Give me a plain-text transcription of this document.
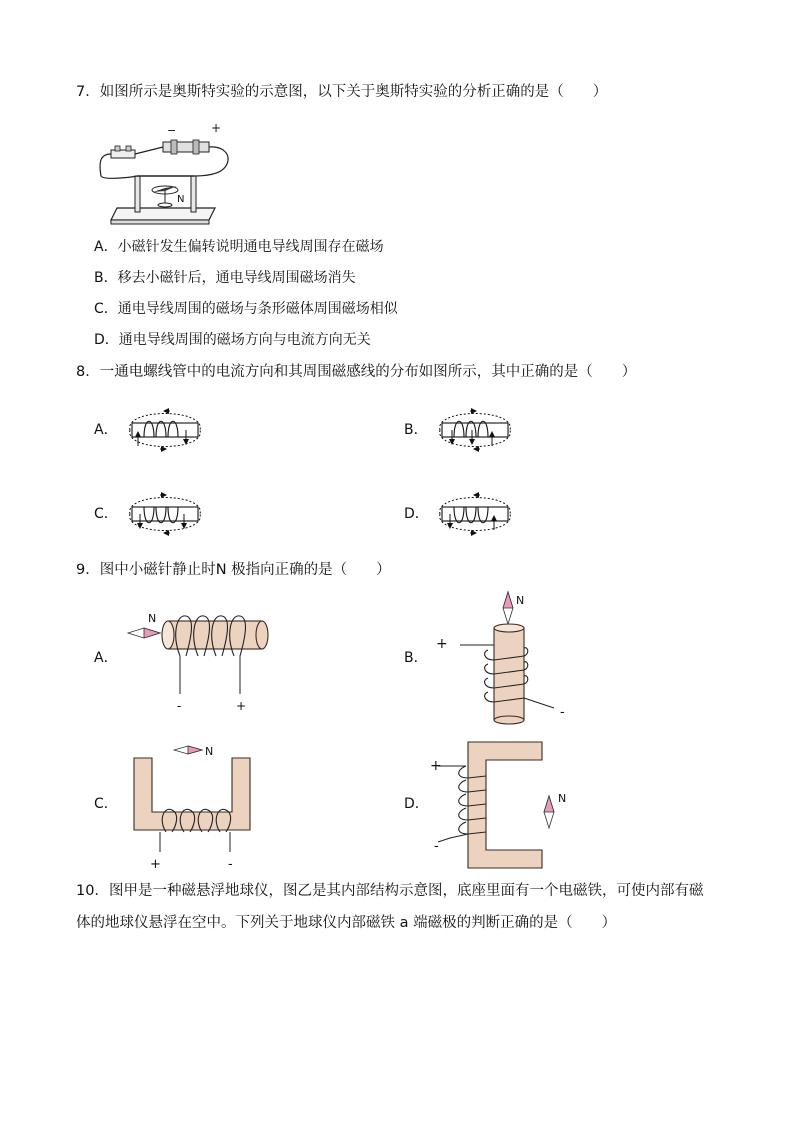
7．如图所示是奥斯特实验的示意图，以下关于奥斯特实验的分析正确的是（　　）
N
−	+
A．小磁针发生偏转说明通电导线周围存在磁场
B．移去小磁针后，通电导线周围磁场消失
C．通电导线周围的磁场与条形磁体周围磁场相似
D．通电导线周围的磁场方向与电流方向无关
8．一通电螺线管中的电流方向和其周围磁感线的分布如图所示，其中正确的是（　　）
A．	B．
C．	D．
9．图中小磁针静止时N 极指向正确的是（　　）
A．
N
-	+
B．
N
+
-
C．
N
+	-
D．
+
-
N
10．图甲是一种磁悬浮地球仪，图乙是其内部结构示意图，底座里面有一个电磁铁，可使内部有磁
体的地球仪悬浮在空中。下列关于地球仪内部磁铁 a 端磁极的判断正确的是（　　）
